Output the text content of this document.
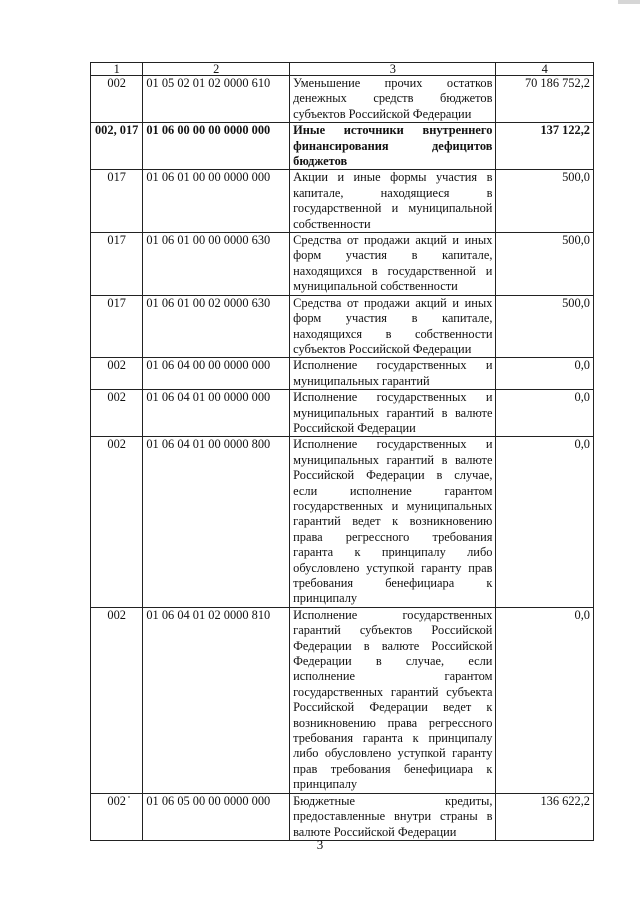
1	2	3	4
002	01 05 02 01 02 0000 610	Уменьшение прочих остатков денежных средств бюджетов субъектов Российской Федерации	70 186 752,2
002, 017	01 06 00 00 00 0000 000	Иные источники внутреннего финансирования дефицитов бюджетов	137 122,2
017	01 06 01 00 00 0000 000	Акции и иные формы участия в капитале, находящиеся в государственной и муниципальной собственности	500,0
017	01 06 01 00 00 0000 630	Средства от продажи акций и иных форм участия в капитале, находящихся в государственной и муниципальной собственности	500,0
017	01 06 01 00 02 0000 630	Средства от продажи акций и иных форм участия в капитале, находящихся в собственности субъектов Российской Федерации	500,0
002	01 06 04 00 00 0000 000	Исполнение государственных и муниципальных гарантий	0,0
002	01 06 04 01 00 0000 000	Исполнение государственных и муниципальных гарантий в валюте Российской Федерации	0,0
002	01 06 04 01 00 0000 800	Исполнение государственных и муниципальных гарантий в валюте Российской Федерации в случае, если исполнение гарантом государственных и муниципальных гарантий ведет к возникновению права регрессного требования гаранта к принципалу либо обусловлено уступкой гаранту прав требования бенефициара к принципалу	0,0
002	01 06 04 01 02 0000 810	Исполнение государственных гарантий субъектов Российской Федерации в валюте Российской Федерации в случае, если исполнение гарантом государственных гарантий субъекта Российской Федерации ведет к возникновению права регрессного требования гаранта к принципалу либо обусловлено уступкой гаранту прав требования бенефициара к принципалу	0,0
002	01 06 05 00 00 0000 000	Бюджетные кредиты, предоставленные внутри страны в валюте Российской Федерации	136 622,2
3
